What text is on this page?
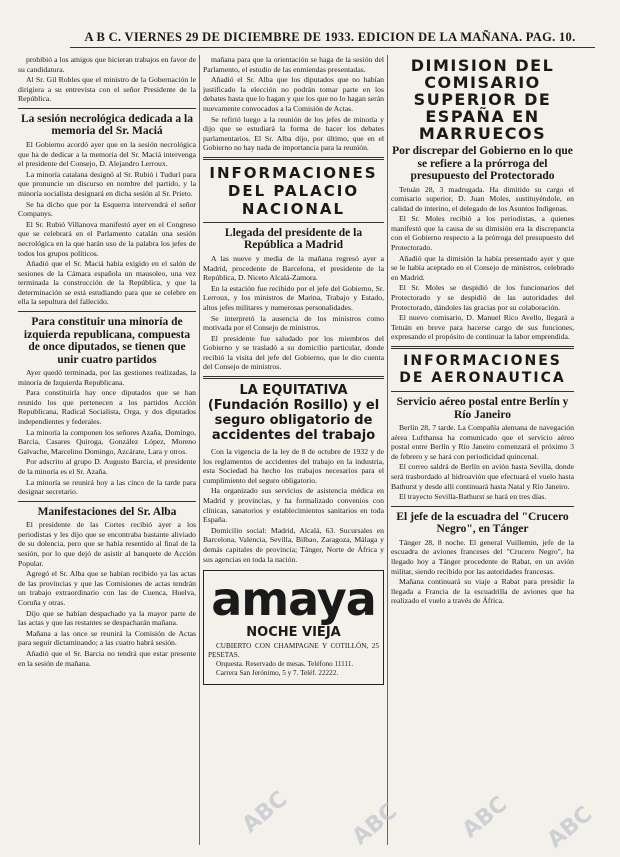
A B C. VIERNES 29 DE DICIEMBRE DE 1933. EDICION DE LA MAÑANA. PAG. 10.

prohibió a los amigos que hicieran trabajos en favor de su candidatura.

Al Sr. Gil Robles que el ministro de la Gobernación le dirigiera a su entrevista con el señor Presidente de la República.

La sesión necrológica dedicada a la memoria del Sr. Maciá

El Gobierno acordó ayer que en la sesión necrológica que ha de dedicar a la memoria del Sr. Maciá intervenga el presidente del Consejo, D. Alejandro Lerroux.

La minoría catalana designó al Sr. Rubió i Tudurí para que pronuncie un discurso en nombre del partido, y la minoría socialista designará en dicha sesión al Sr. Prieto.

Se ha dicho que por la Esquerra intervendrá el señor Companys.

El Sr. Rubió Villanova manifestó ayer en el Congreso que se celebrará en el Parlamento catalán una sesión necrológica en la que harán uso de la palabra los jefes de todos los grupos políticos.

Añadió que el Sr. Maciá había exigido en el salón de sesiones de la Cámara española un mausoleo, una vez terminada la construcción de la República, y que la determinación se está estudiando para que se celebre en ella la sepultura del fallecido.

Para constituir una minoría de izquierda republicana, compuesta de once diputados, se tienen que unir cuatro partidos

Ayer quedó terminada, por las gestiones realizadas, la minoría de Izquierda Republicana.

Para constituirla hay once diputados que se han reunido los que pertenecen a los partidos Acción Republicana, Radical Socialista, Orga, y dos diputados independientes y federales.

La minoría la componen los señores Azaña, Domingo, Barcia, Casares Quiroga, González López, Moreno Galvache, Marcelino Domingo, Azcárate, Lara y otros.

Por adscrito al grupo D. Augusto Barcia, el presidente de la minoría es el Sr. Azaña.

La minoría se reunirá hoy a las cinco de la tarde para designar secretario.

Manifestaciones del Sr. Alba

El presidente de las Cortes recibió ayer a los periodistas y les dijo que se encontraba bastante aliviado de su dolencia, pero que se había resentido al final de la sesión, por lo que dejó de asistir al banquete de Acción Popular.

Agregó el Sr. Alba que se habían recibido ya las actas de las provincias y que las Comisiones de actas tendrán un trabajo extraordinario con las de Cuenca, Huelva, Coruña y otras.

Dijo que se habían despachado ya la mayor parte de las actas y que las restantes se despacharán mañana.

Mañana a las once se reunirá la Comisión de Actas para seguir dictaminando; a las cuatro habrá sesión.

Añadió que el Sr. Barcia no tendrá que estar presente en la sesión de mañana.

mañana para que la orientación se haga de la sesión del Parlamento, el estudio de las enmiendas presentadas.

Añadió el Sr. Alba que los diputados que no habían justificado la elección no podrán tomar parte en los debates hasta que lo hagan y que los que no lo hagan serán nuevamente convocados a la Comisión de Actas.

Se refirió luego a la reunión de los jefes de minoría y dijo que se estudiará la forma de hacer los debates parlamentarios. El Sr. Alba dijo, por último, que en el Gobierno no hay nada de importancia para la reunión.

INFORMACIONES DEL PALACIO NACIONAL
Llegada del presidente de la República a Madrid

A las nueve y media de la mañana regresó ayer a Madrid, procedente de Barcelona, el presidente de la República, D. Niceto Alcalá-Zamora.

En la estación fue recibido por el jefe del Gobierno, Sr. Lerroux, y los ministros de Marina, Trabajo y Estado, altos jefes militares y numerosas personalidades.

Se interpretó la ausencia de los ministros como motivada por el Consejo de ministros.

El presidente fue saludado por los miembros del Gobierno y se trasladó a su domicilio particular, donde recibió la visita del jefe del Gobierno, que le dio cuenta del Consejo de ministros.

LA EQUITATIVA (Fundación Rosillo) y el seguro obligatorio de accidentes del trabajo

Con la vigencia de la ley de 8 de octubre de 1932 y de los reglamentos de accidentes del trabajo en la industria, esta Sociedad ha hecho los trabajos necesarios para el cumplimiento del seguro obligatorio.

Ha organizado sus servicios de asistencia médica en Madrid y provincias, y ha formalizado convenios con clínicas, sanatorios y establecimientos sanitarios en toda España.

Domicilio social: Madrid, Alcalá, 63. Sucursales en Barcelona, Valencia, Sevilla, Bilbao, Zaragoza, Málaga y demás capitales de provincia; Tánger, Norte de África y sus agencias en toda la nación.

amaya
NOCHE VIEJA

CUBIERTO CON CHAMPAGNE Y COTILLÓN, 25 PESETAS.

Orquesta. Reservado de mesas. Teléfono 11111.

Carrera San Jerónimo, 5 y 7. Teléf. 22222.

DIMISION DEL COMISARIO SUPERIOR DE ESPAÑA EN MARRUECOS
Por discrepar del Gobierno en lo que se refiere a la prórroga del presupuesto del Protectorado

Tetuán 28, 3 madrugada. Ha dimitido su cargo el comisario superior, D. Juan Moles, sustituyéndole, en calidad de interino, el delegado de los Asuntos Indígenas.

El Sr. Moles recibió a los periodistas, a quienes manifestó que la causa de su dimisión era la discrepancia con el Gobierno respecto a la prórroga del presupuesto del Protectorado.

Añadió que la dimisión la había presentado ayer y que se le había aceptado en el Consejo de ministros, celebrado en Madrid.

El Sr. Moles se despidió de los funcionarios del Protectorado y se despidió de las autoridades del Protectorado, dándoles las gracias por su colaboración.

El nuevo comisario, D. Manuel Rico Avello, llegará a Tetuán en breve para hacerse cargo de sus funciones, expresando el propósito de continuar la labor emprendida.

INFORMACIONES DE AERONAUTICA
Servicio aéreo postal entre Berlín y Río Janeiro

Berlín 28, 7 tarde. La Compañía alemana de navegación aérea Lufthansa ha comunicado que el servicio aéreo postal entre Berlín y Río Janeiro comenzará el próximo 3 de febrero y se hará con periodicidad quincenal.

El correo saldrá de Berlín en avión hasta Sevilla, donde será trasbordado al hidroavión que efectuará el vuelo hasta Bathurst y desde allí continuará hasta Natal y Río Janeiro.

El trayecto Sevilla-Bathurst se hará en tres días.

El jefe de la escuadra del "Crucero Negro", en Tánger

Tánger 28, 8 noche. El general Vuillemin, jefe de la escuadra de aviones franceses del "Crucero Negro", ha llegado hoy a Tánger procedente de Rabat, en un avión militar, siendo recibido por las autoridades francesas.

Mañana continuará su viaje a Rabat para presidir la llegada a Francia de la escuadrilla de aviones que ha realizado el vuelo a través de África.

ABC	ABC	ABC ABC
